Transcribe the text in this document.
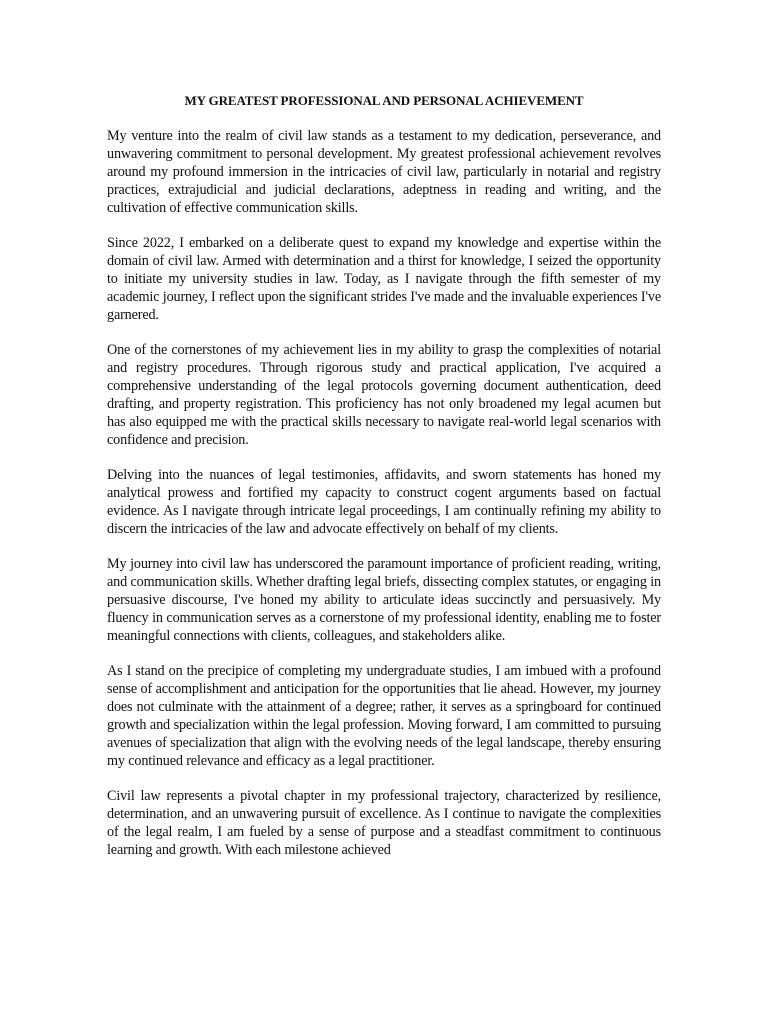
MY GREATEST PROFESSIONAL AND PERSONAL ACHIEVEMENT

My venture into the realm of civil law stands as a testament to my dedication, perseverance, and unwavering commitment to personal development. My greatest professional achievement revolves around my profound immersion in the intricacies of civil law, particularly in notarial and registry practices, extrajudicial and judicial declarations, adeptness in reading and writing, and the cultivation of effective communication skills.

Since 2022, I embarked on a deliberate quest to expand my knowledge and expertise within the domain of civil law. Armed with determination and a thirst for knowledge, I seized the opportunity to initiate my university studies in law. Today, as I navigate through the fifth semester of my academic journey, I reflect upon the significant strides I've made and the invaluable experiences I've garnered.

One of the cornerstones of my achievement lies in my ability to grasp the complexities of notarial and registry procedures. Through rigorous study and practical application, I've acquired a comprehensive understanding of the legal protocols governing document authentication, deed drafting, and property registration. This proficiency has not only broadened my legal acumen but has also equipped me with the practical skills necessary to navigate real-world legal scenarios with confidence and precision.

Delving into the nuances of legal testimonies, affidavits, and sworn statements has honed my analytical prowess and fortified my capacity to construct cogent arguments based on factual evidence. As I navigate through intricate legal proceedings, I am continually refining my ability to discern the intricacies of the law and advocate effectively on behalf of my clients.

My journey into civil law has underscored the paramount importance of proficient reading, writing, and communication skills. Whether drafting legal briefs, dissecting complex statutes, or engaging in persuasive discourse, I've honed my ability to articulate ideas succinctly and persuasively. My fluency in communication serves as a cornerstone of my professional identity, enabling me to foster meaningful connections with clients, colleagues, and stakeholders alike.

As I stand on the precipice of completing my undergraduate studies, I am imbued with a profound sense of accomplishment and anticipation for the opportunities that lie ahead. However, my journey does not culminate with the attainment of a degree; rather, it serves as a springboard for continued growth and specialization within the legal profession. Moving forward, I am committed to pursuing avenues of specialization that align with the evolving needs of the legal landscape, thereby ensuring my continued relevance and efficacy as a legal practitioner.

Civil law represents a pivotal chapter in my professional trajectory, characterized by resilience, determination, and an unwavering pursuit of excellence. As I continue to navigate the complexities of the legal realm, I am fueled by a sense of purpose and a steadfast commitment to continuous learning and growth. With each milestone achieved
